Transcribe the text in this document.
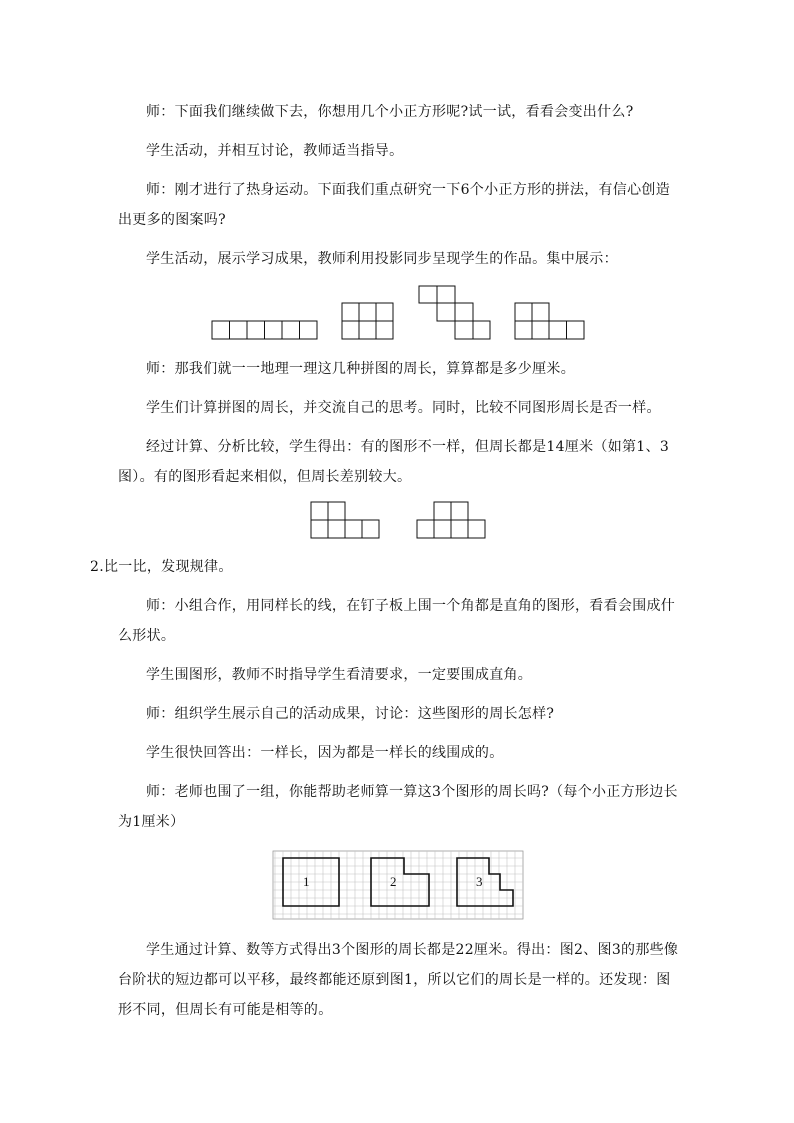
师：下面我们继续做下去，你想用几个小正方形呢?试一试，看看会变出什么?

学生活动，并相互讨论，教师适当指导。

师：刚才进行了热身运动。下面我们重点研究一下6个小正方形的拼法，有信心创造出更多的图案吗?

学生活动，展示学习成果，教师利用投影同步呈现学生的作品。集中展示：

师：那我们就一一地理一理这几种拼图的周长，算算都是多少厘米。

学生们计算拼图的周长，并交流自己的思考。同时，比较不同图形周长是否一样。

经过计算、分析比较，学生得出：有的图形不一样，但周长都是14厘米（如第1、3图）。有的图形看起来相似，但周长差别较大。

2.比一比，发现规律。

师：小组合作，用同样长的线，在钉子板上围一个角都是直角的图形，看看会围成什么形状。

学生围图形，教师不时指导学生看清要求，一定要围成直角。

师：组织学生展示自己的活动成果，讨论：这些图形的周长怎样?

学生很快回答出：一样长，因为都是一样长的线围成的。

师：老师也围了一组，你能帮助老师算一算这3个图形的周长吗?（每个小正方形边长为1厘米）

1	2	3

学生通过计算、数等方式得出3个图形的周长都是22厘米。得出：图2、图3的那些像台阶状的短边都可以平移，最终都能还原到图1，所以它们的周长是一样的。还发现：图形不同，但周长有可能是相等的。
